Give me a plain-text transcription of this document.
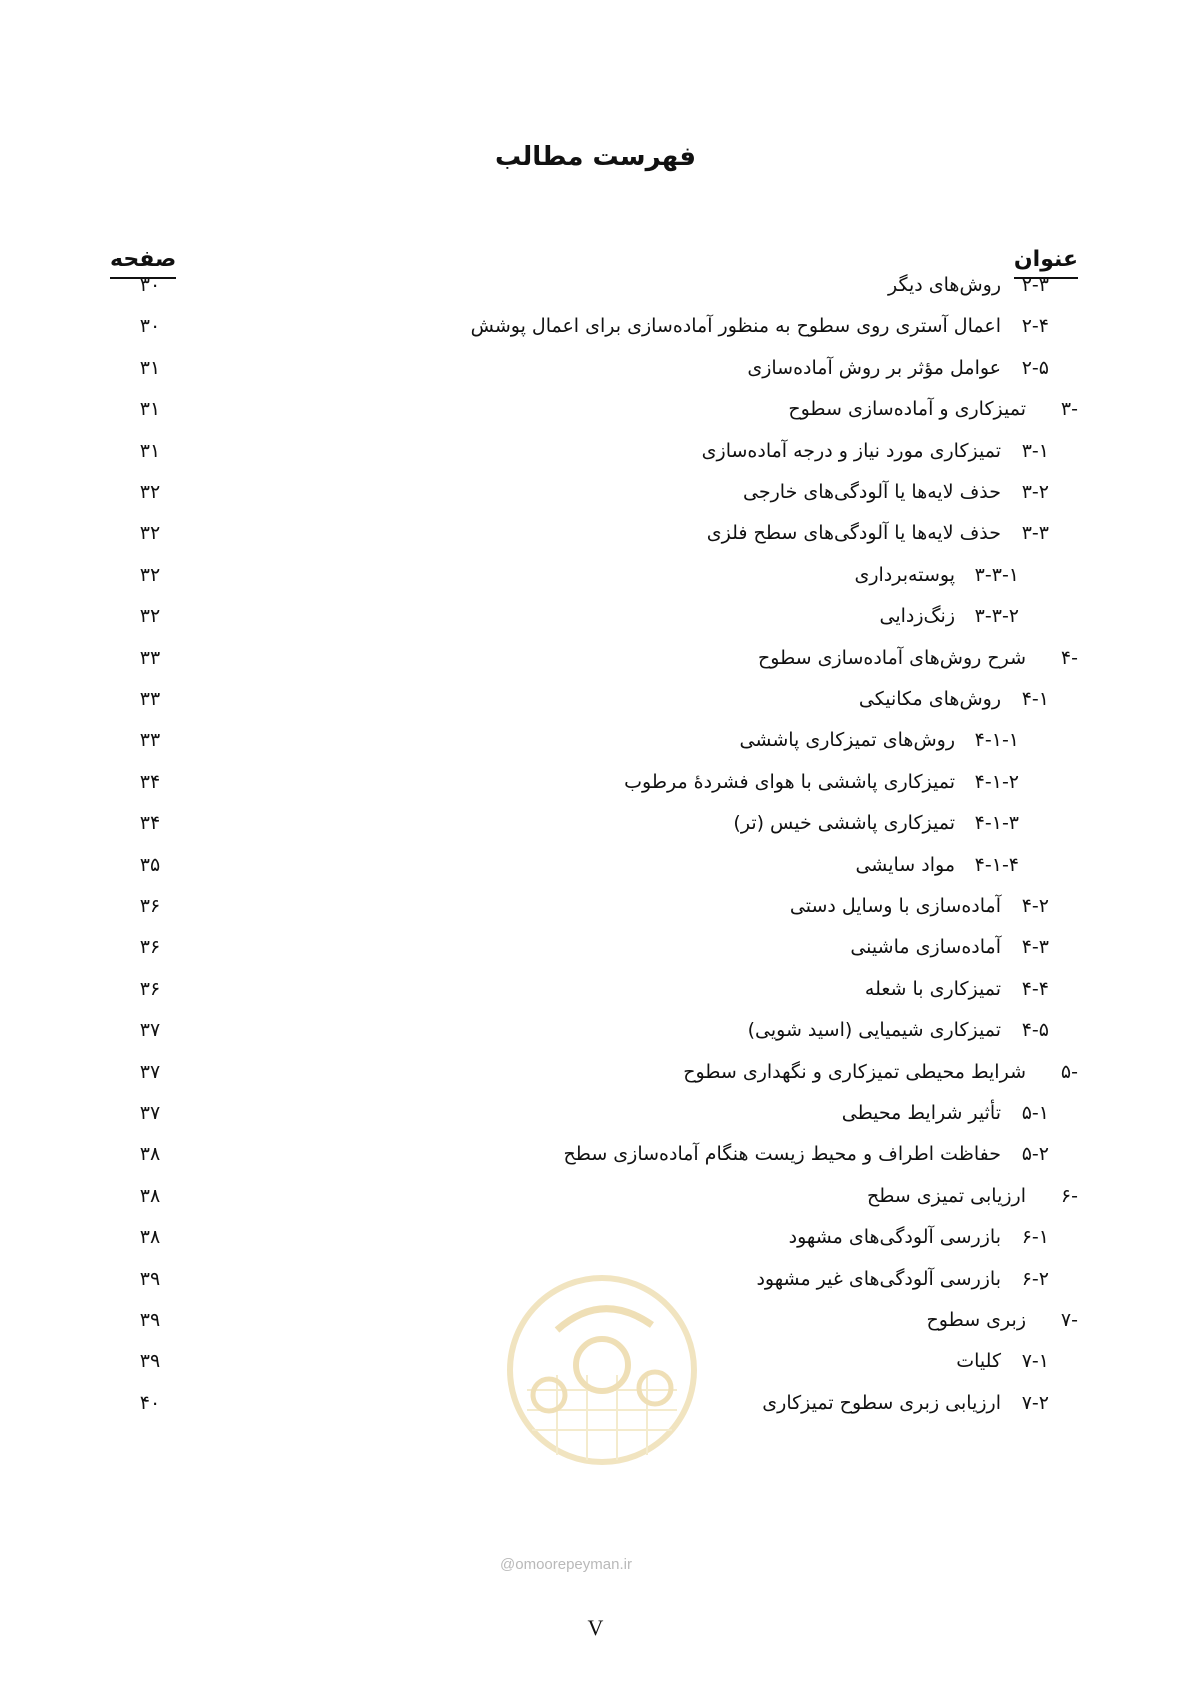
فهرست مطالب
عنوان
صفحه
۲-۳
روش‌های دیگر
۳۰
۲-۴
اعمال آستری روی سطوح به منظور آماده‌سازی برای اعمال پوشش
۳۰
۲-۵
عوامل مؤثر بر روش آماده‌سازی
۳۱
-۳
تمیزکاری و آماده‌سازی سطوح
۳۱
۳-۱
تمیزکاری مورد نیاز و درجه آماده‌سازی
۳۱
۳-۲
حذف لایه‌ها یا آلودگی‌های خارجی
۳۲
۳-۳
حذف لایه‌ها یا آلودگی‌های سطح فلزی
۳۲
۳-۳-۱
پوسته‌برداری
۳۲
۳-۳-۲
زنگ‌زدایی
۳۲
-۴
شرح روش‌های آماده‌سازی سطوح
۳۳
۴-۱
روش‌های مکانیکی
۳۳
۴-۱-۱
روش‌های تمیزکاری پاششی
۳۳
۴-۱-۲
تمیزکاری پاششی با هوای فشردهٔ مرطوب
۳۴
۴-۱-۳
تمیزکاری پاششی خیس (تر)
۳۴
۴-۱-۴
مواد سایشی
۳۵
۴-۲
آماده‌سازی با وسایل دستی
۳۶
۴-۳
آماده‌سازی ماشینی
۳۶
۴-۴
تمیزکاری با شعله
۳۶
۴-۵
تمیزکاری شیمیایی (اسید شویی)
۳۷
-۵
شرایط محیطی تمیزکاری و نگهداری سطوح
۳۷
۵-۱
تأثیر شرایط محیطی
۳۷
۵-۲
حفاظت اطراف و محیط زیست هنگام آماده‌سازی سطح
۳۸
-۶
ارزیابی تمیزی سطح
۳۸
۶-۱
بازرسی آلودگی‌های مشهود
۳۸
۶-۲
بازرسی آلودگی‌های غیر مشهود
۳۹
-۷
زبری سطوح
۳۹
۷-۱
کلیات
۳۹
۷-۲
ارزیابی زبری سطوح تمیزکاری
۴۰
@omoorepeyman.ir
V
